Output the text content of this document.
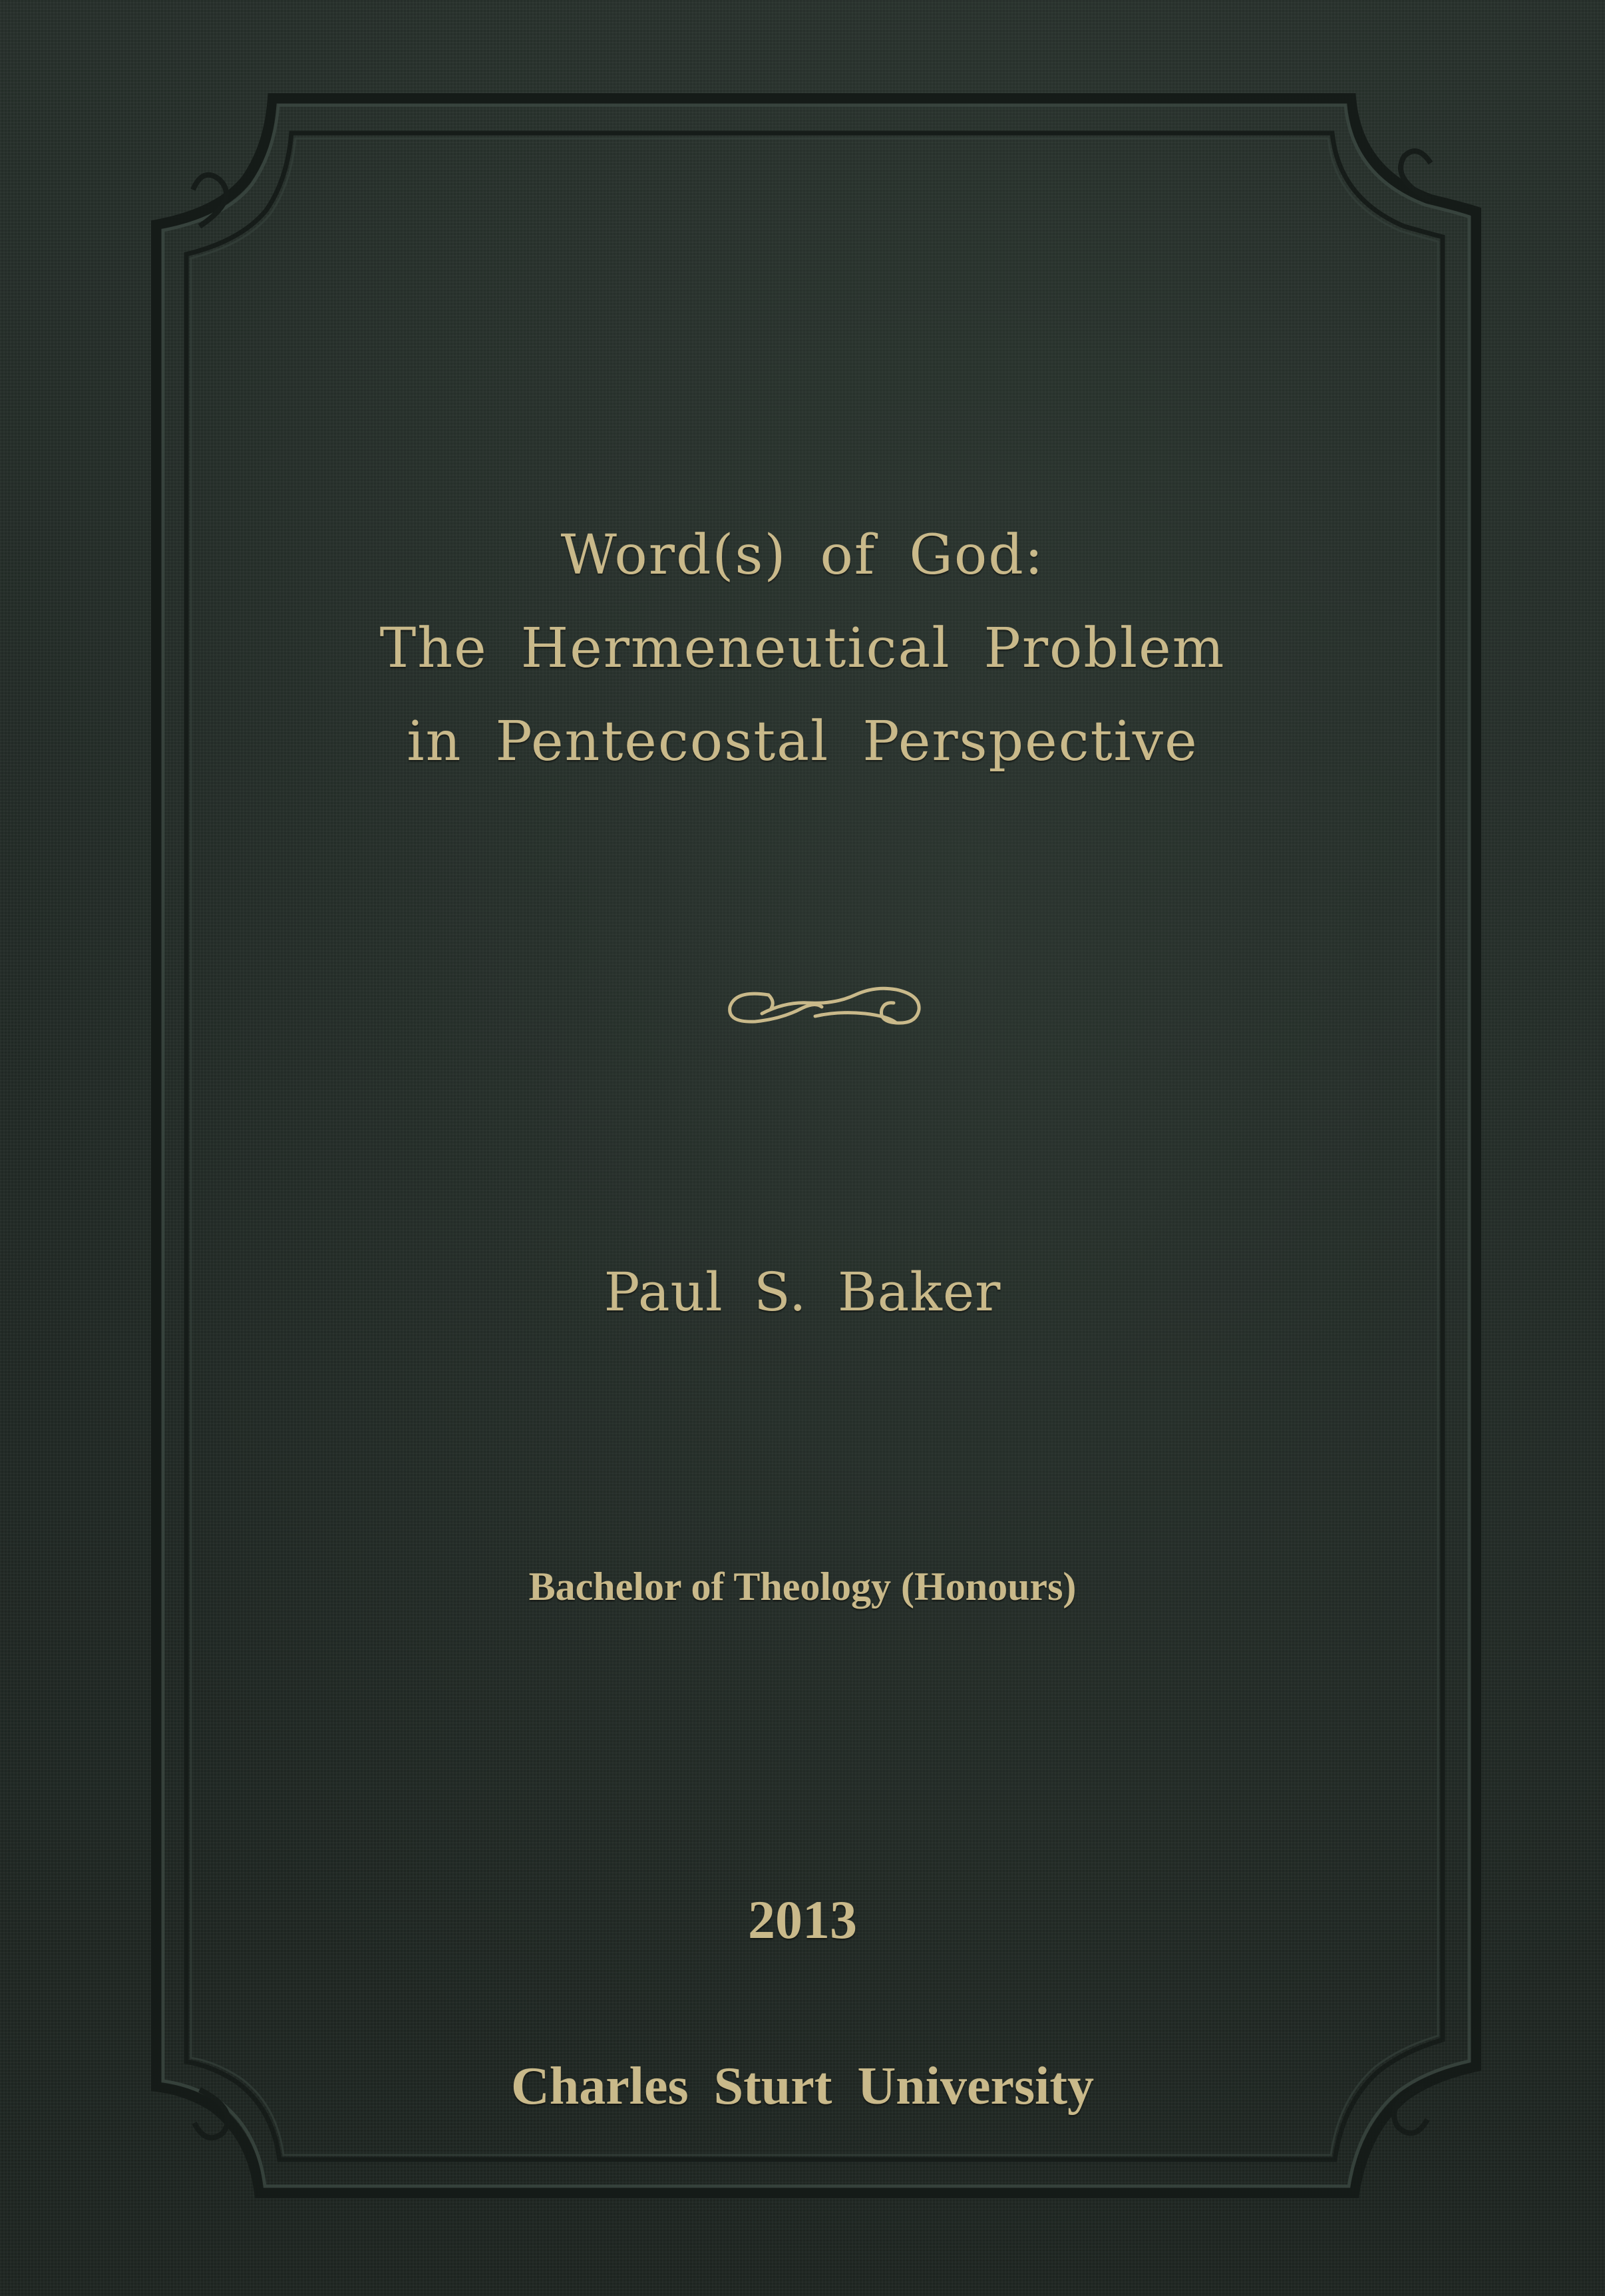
Word(s) of God:
The Hermeneutical Problem
in Pentecostal Perspective
Paul S. Baker
Bachelor of Theology (Honours)
2013
Charles Sturt University
